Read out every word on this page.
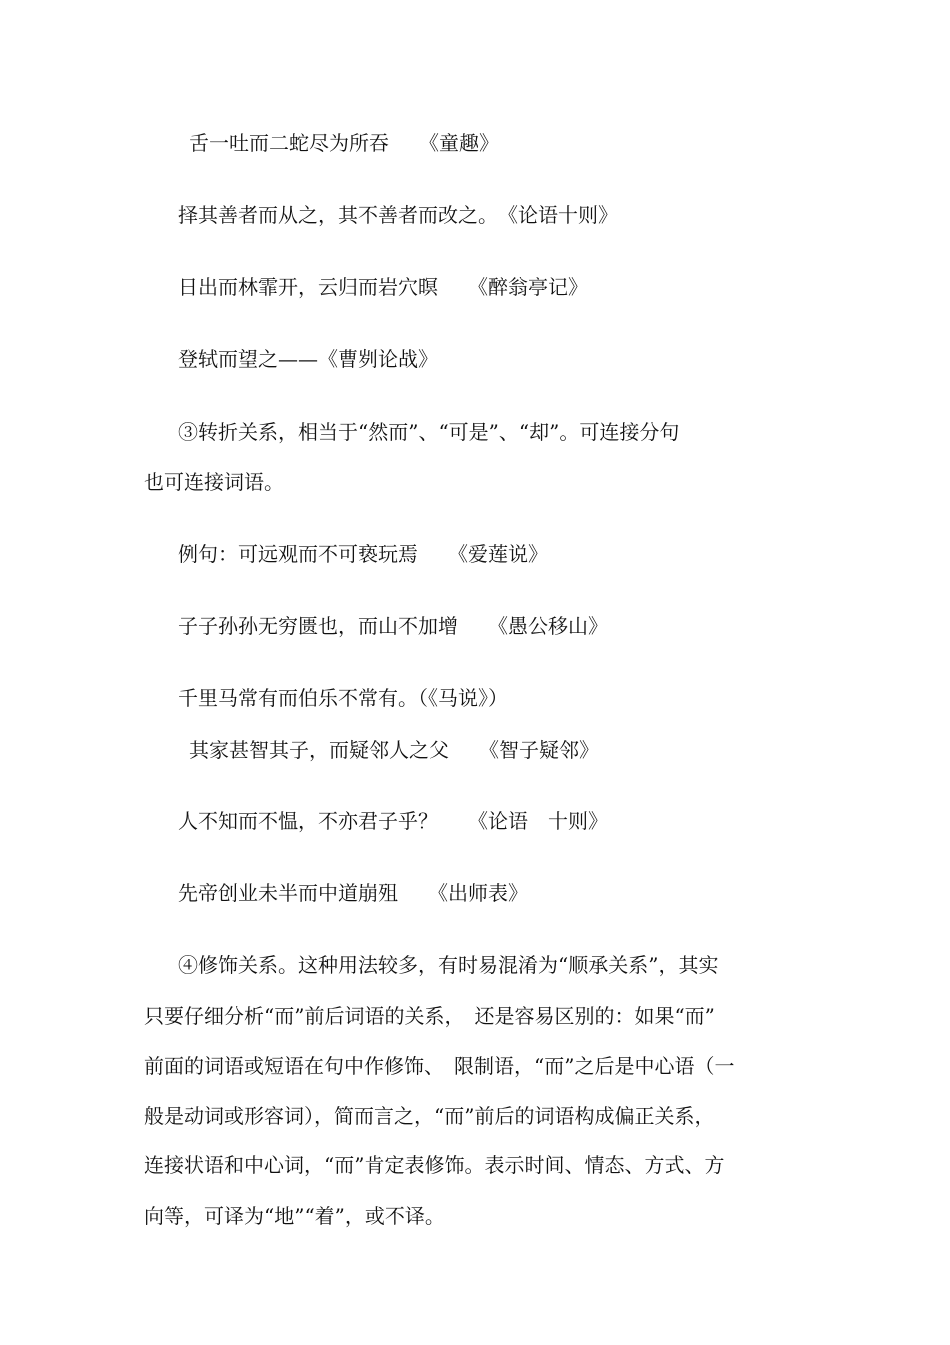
舌一吐而二蛇尽为所吞　　《童趣》
择其善者而从之，其不善者而改之。　《论语十则》
日出而林霏开，云归而岩穴暝　　《醉翁亭记》
登轼而望之——《曹刿论战》
③转折关系，相当于“然而”、“可是”、“却”。可连接分句
也可连接词语。
例句：可远观而不可亵玩焉　　《爱莲说》
子子孙孙无穷匮也，而山不加增　　《愚公移山》
千里马常有而伯乐不常有。（《马说》）
其家甚智其子，而疑邻人之父　　《智子疑邻》
人不知而不愠，不亦君子乎？　　《论语　十则》
先帝创业未半而中道崩殂　　《出师表》
④修饰关系。这种用法较多，有时易混淆为“顺承关系”，其实
只要仔细分析“而”前后词语的关系，　还是容易区别的：如果“而”
前面的词语或短语在句中作修饰、　限制语，“而”之后是中心语（一
般是动词或形容词），简而言之，“而”前后的词语构成偏正关系，
连接状语和中心词，“而”肯定表修饰。表示时间、情态、方式、方
向等，可译为“地”“着”，或不译。
